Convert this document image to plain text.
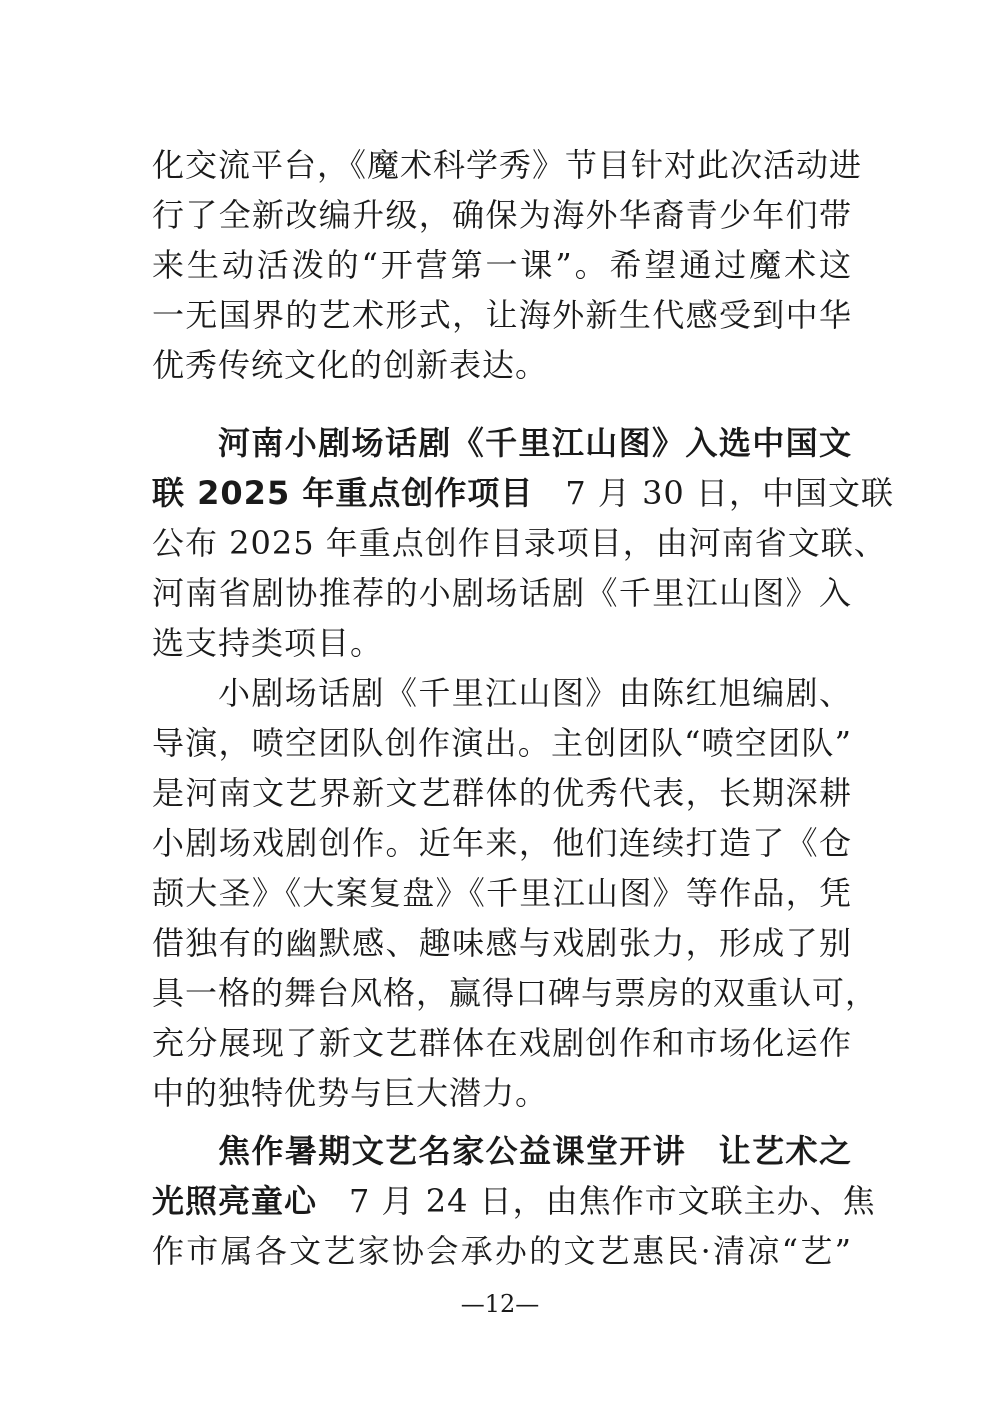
化交流平台，《魔术科学秀》节目针对此次活动进
行了全新改编升级，确保为海外华裔青少年们带
来生动活泼的“开营第一课”。希望通过魔术这
一无国界的艺术形式，让海外新生代感受到中华
优秀传统文化的创新表达。
河南小剧场话剧《千里江山图》入选中国文
联 2025 年重点创作项目 7 月 30 日，中国文联
公布 2025 年重点创作目录项目，由河南省文联、
河南省剧协推荐的小剧场话剧《千里江山图》入
选支持类项目。
小剧场话剧《千里江山图》由陈红旭编剧、
导演，喷空团队创作演出。主创团队“喷空团队”
是河南文艺界新文艺群体的优秀代表，长期深耕
小剧场戏剧创作。近年来，他们连续打造了《仓
颉大圣》《大案复盘》《千里江山图》等作品，凭
借独有的幽默感、趣味感与戏剧张力，形成了别
具一格的舞台风格，赢得口碑与票房的双重认可，
充分展现了新文艺群体在戏剧创作和市场化运作
中的独特优势与巨大潜力。
焦作暑期文艺名家公益课堂开讲 让艺术之
光照亮童心 7 月 24 日，由焦作市文联主办、焦
作市属各文艺家协会承办的文艺惠民·清凉“艺”
—12—
